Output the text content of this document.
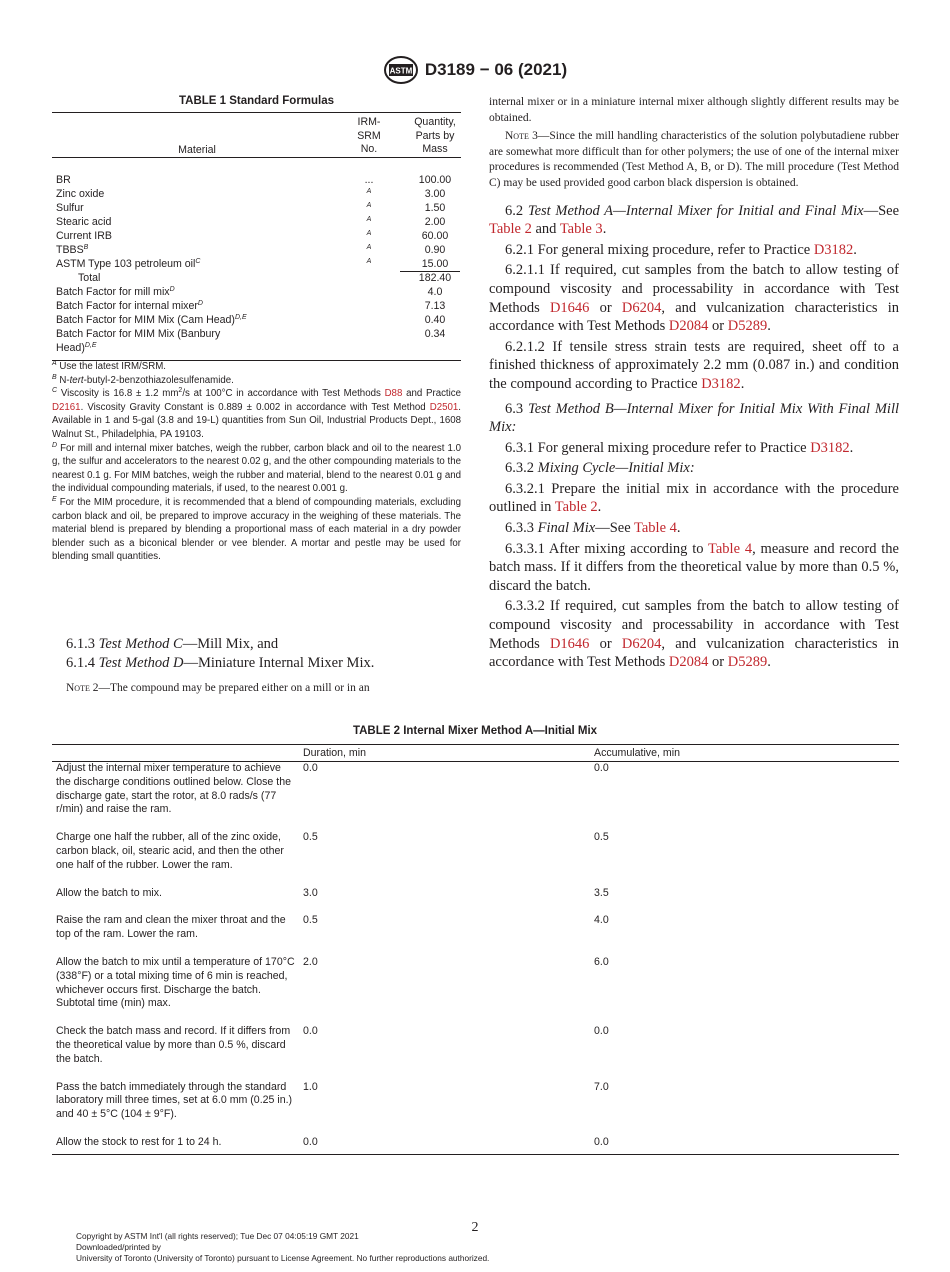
ASTM D3189 − 06 (2021)
TABLE 1 Standard Formulas
Material
IRM-
SRM
No.
Quantity,
Parts by
Mass
BR	...	100.00
Zinc oxide	$^A$	3.00
Sulfur	$^A$	1.50
Stearic acid	$^A$	2.00
Current IRB	$^A$	60.00
$TBBS^B$	$^A$	0.90
ASTM Type 103 petroleum oil$^C$	$^A$	15.00
Total	182.40
Batch Factor for mill mix$^D$	4.0
Batch Factor for internal mixer$^D$	7.13
Batch Factor for MIM Mix (Cam Head)$^{D,E}$	0.40
Batch Factor for MIM Mix (Banbury
Head)$^{D,E}$
0.34

$^A$ Use the latest IRM/SRM.

$^B$ N-tert-butyl-2-benzothiazolesulfenamide.

$^C$ Viscosity is 16.8 ± 1.2 $mm^2/s$ at 100°C in accordance with Test Methods D88 and Practice D2161. Viscosity Gravity Constant is 0.889 ± 0.002 in accordance with Test Method D2501. Available in 1 and 5-gal (3.8 and 19-L) quantities from Sun Oil, Industrial Products Dept., 1608 Walnut St., Philadelphia, PA 19103.

$^D$ For mill and internal mixer batches, weigh the rubber, carbon black and oil to the nearest 1.0 g, the sulfur and accelerators to the nearest 0.02 g, and the other compounding materials to the nearest 0.1 g. For MIM batches, weigh the rubber and material, blend to the nearest 0.01 g and the individual compounding materials, if used, to the nearest 0.001 g.

$^E$ For the MIM procedure, it is recommended that a blend of compounding materials, excluding carbon black and oil, be prepared to improve accuracy in the weighing of these materials. The material blend is prepared by blending a proportional mass of each material in a dry powder blender such as a biconical blender or vee blender. A mortar and pestle may be used for blending small quantities.

6.1.3 Test Method C—Mill Mix, and
6.1.4 Test Method D—Miniature Internal Mixer Mix.
Note 2—The compound may be prepared either on a mill or in an
internal mixer or in a miniature internal mixer although slightly different results may be obtained.
Note 3—Since the mill handling characteristics of the solution polybutadiene rubber are somewhat more difficult than for other polymers; the use of one of the internal mixer procedures is recommended (Test Method A, B, or D). The mill procedure (Test Method C) may be used provided good carbon black dispersion is obtained.
6.2 Test Method A—Internal Mixer for Initial and Final Mix—See Table 2 and Table 3.
6.2.1 For general mixing procedure, refer to Practice D3182.
6.2.1.1 If required, cut samples from the batch to allow testing of compound viscosity and processability in accordance with Test Methods D1646 or D6204, and vulcanization characteristics in accordance with Test Methods D2084 or D5289.
6.2.1.2 If tensile stress strain tests are required, sheet off to a finished thickness of approximately 2.2 mm (0.087 in.) and condition the compound according to Practice D3182.
6.3 Test Method B—Internal Mixer for Initial Mix With Final Mill Mix:
6.3.1 For general mixing procedure refer to Practice D3182.
6.3.2 Mixing Cycle—Initial Mix:
6.3.2.1 Prepare the initial mix in accordance with the procedure outlined in Table 2.
6.3.3 Final Mix—See Table 4.
6.3.3.1 After mixing according to Table 4, measure and record the batch mass. If it differs from the theoretical value by more than 0.5 %, discard the batch.
6.3.3.2 If required, cut samples from the batch to allow testing of compound viscosity and processability in accordance with Test Methods D1646 or D6204, and vulcanization characteristics in accordance with Test Methods D2084 or D5289.
TABLE 2 Internal Mixer Method A—Initial Mix
Duration, min	Accumulative, min
Adjust the internal mixer temperature to achieve the discharge conditions outlined below. Close the discharge gate, start the rotor, at 8.0 rads/s (77 r/min) and raise the ram.
0.0	0.0
Charge one half the rubber, all of the zinc oxide, carbon black, oil, stearic acid, and then the other one half of the rubber. Lower the ram.
0.5	0.5
Allow the batch to mix.	3.0	3.5
Raise the ram and clean the mixer throat and the top of the ram. Lower the ram.
0.5	4.0
Allow the batch to mix until a temperature of 170°C (338°F) or a total mixing time of 6 min is reached, whichever occurs first. Discharge the batch. Subtotal time (min) max.
2.0	6.0
Check the batch mass and record. If it differs from the theoretical value by more than 0.5 %, discard the batch.
0.0	0.0
Pass the batch immediately through the standard laboratory mill three times, set at 6.0 mm (0.25 in.) and 40 ± 5°C (104 ± 9°F).
1.0	7.0
Allow the stock to rest for 1 to 24 h.	0.0	0.0
2
Copyright by ASTM Int'l (all rights reserved); Tue Dec 07 04:05:19 GMT 2021
Downloaded/printed by
University of Toronto (University of Toronto) pursuant to License Agreement. No further reproductions authorized.
